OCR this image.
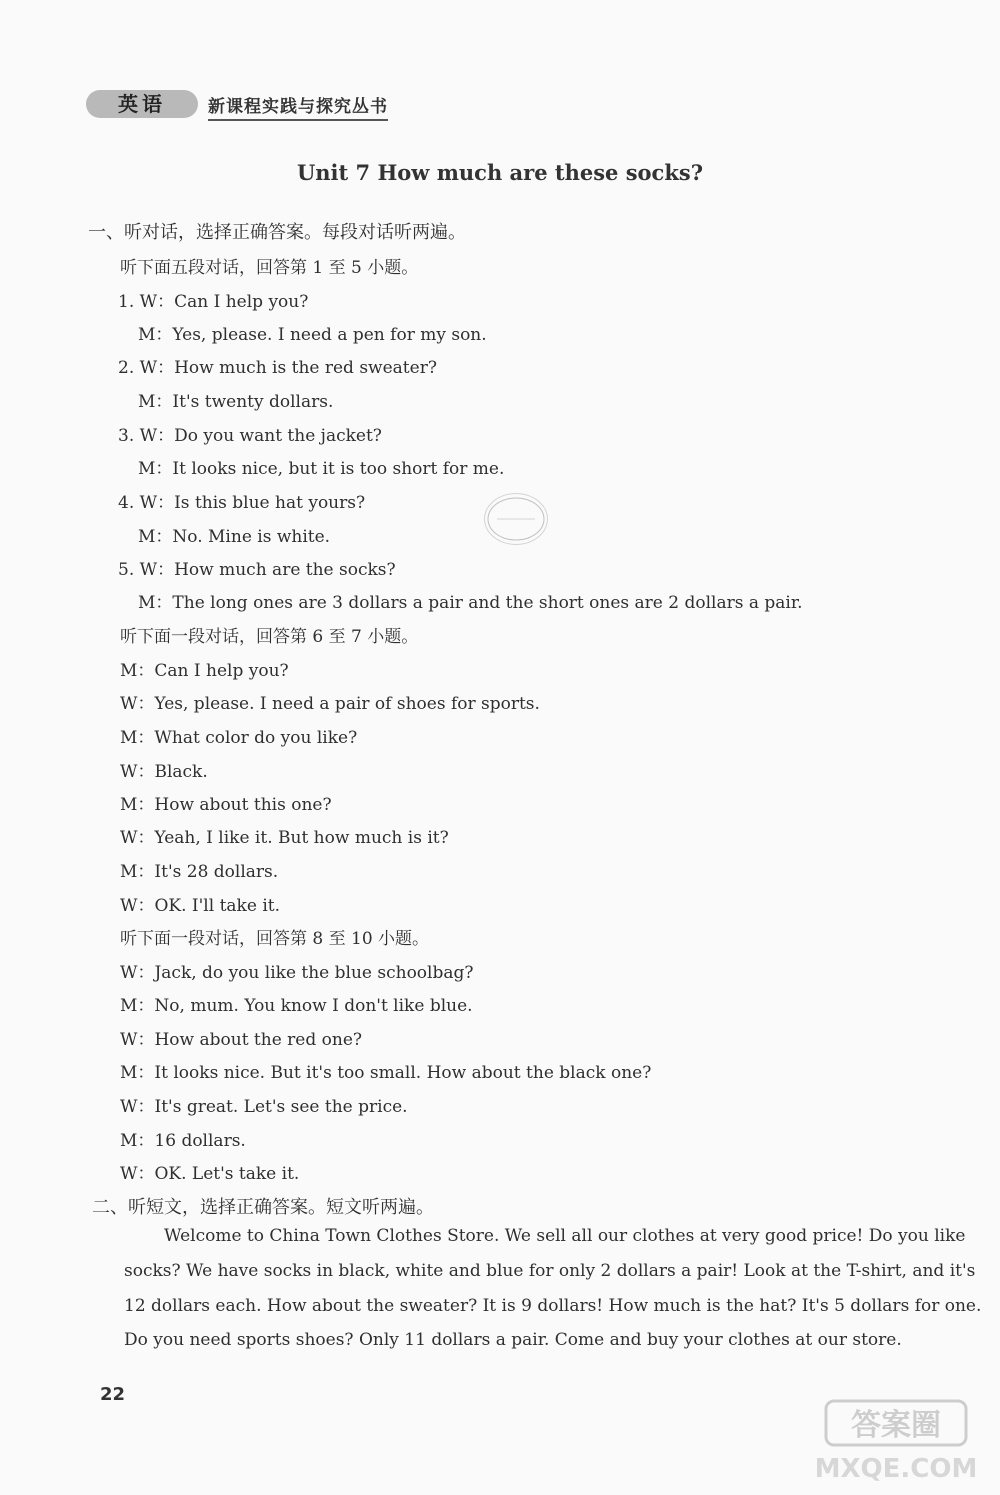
英语	新课程实践与探究丛书
Unit 7 How much are these socks?
一、听对话，选择正确答案。每段对话听两遍。
听下面五段对话，回答第 1 至 5 小题。
1. W：Can I help you?
M：Yes, please. I need a pen for my son.
2. W：How much is the red sweater?
M：It's twenty dollars.
3. W：Do you want the jacket?
M：It looks nice, but it is too short for me.
4. W：Is this blue hat yours?
M：No. Mine is white.
5. W：How much are the socks?
M：The long ones are 3 dollars a pair and the short ones are 2 dollars a pair.
听下面一段对话，回答第 6 至 7 小题。
M：Can I help you?
W：Yes, please. I need a pair of shoes for sports.
M：What color do you like?
W：Black.
M：How about this one?
W：Yeah, I like it. But how much is it?
M：It's 28 dollars.
W：OK. I'll take it.
听下面一段对话，回答第 8 至 10 小题。
W：Jack, do you like the blue schoolbag?
M：No, mum. You know I don't like blue.
W：How about the red one?
M：It looks nice. But it's too small. How about the black one?
W：It's great. Let's see the price.
M：16 dollars.
W：OK. Let's take it.
二、听短文，选择正确答案。短文听两遍。
Welcome to China Town Clothes Store. We sell all our clothes at very good price! Do you like
socks? We have socks in black, white and blue for only 2 dollars a pair! Look at the T-shirt, and it's
12 dollars each. How about the sweater? It is 9 dollars! How much is the hat? It's 5 dollars for one.
Do you need sports shoes? Only 11 dollars a pair. Come and buy your clothes at our store.
22
答案圈
MXQE.COM
